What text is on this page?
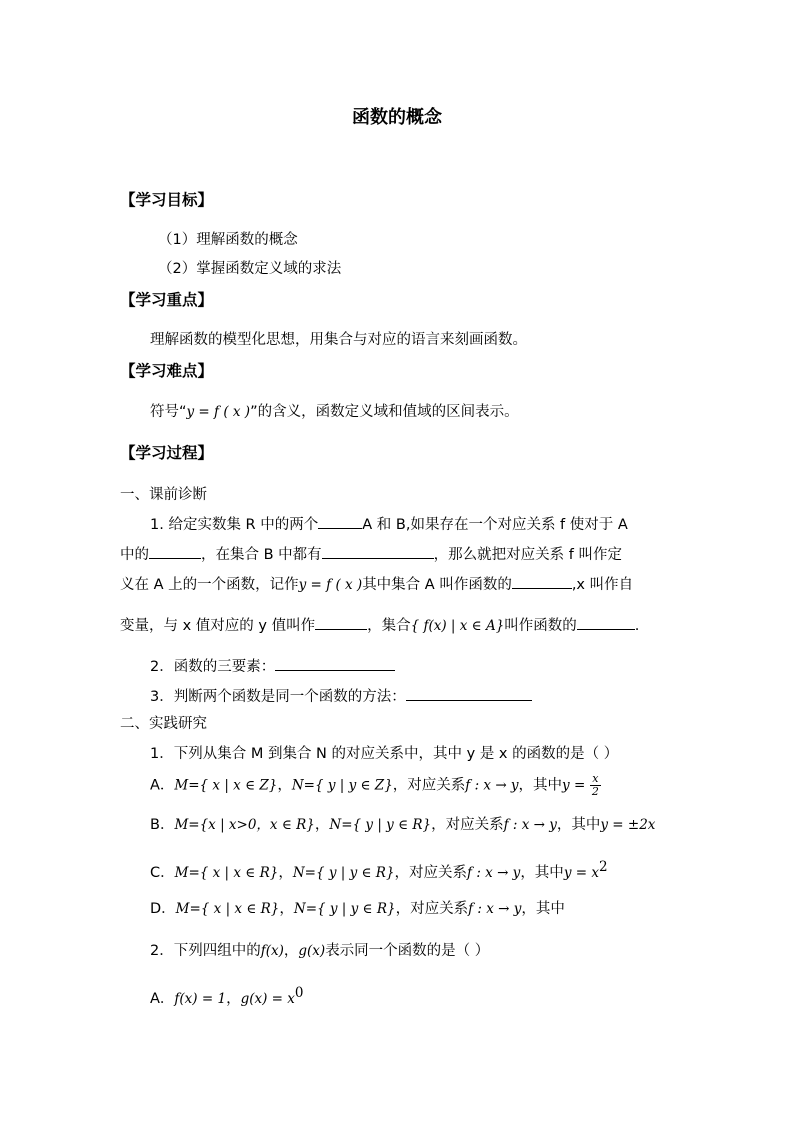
函数的概念
【学习目标】
（1）理解函数的概念
（2）掌握函数定义域的求法
【学习重点】
理解函数的模型化思想，用集合与对应的语言来刻画函数。
【学习难点】
符号“y = f ( x )”的含义，函数定义域和值域的区间表示。
【学习过程】
一、课前诊断
1. 给定实数集 R 中的两个	A 和 B,如果存在一个对应关系 f 使对于 A
中的	，在集合 B 中都有	，那么就把对应关系 f 叫作定
义在 A 上的一个函数，记作y = f ( x )其中集合 A 叫作函数的	,x 叫作自
变量，与 x 值对应的 y 值叫作	，集合{ f(x) | x ∈ A}叫作函数的	.
2．函数的三要素：
3．判断两个函数是同一个函数的方法：
二、实践研究
1．下列从集合 M 到集合 N 的对应关系中，其中 y 是 x 的函数的是（ ）
A．M={ x | x ∈ Z}，N={ y | y ∈ Z}，对应关系f : x → y，其中$y = \frac{x}{2}$
B．M={x | x>0，x ∈ R}，N={ y | y ∈ R}，对应关系f : x → y，其中y = ±2x
C．M={ x | x ∈ R}，N={ y | y ∈ R}，对应关系f : x → y，其中$y = x^2$
D．M={ x | x ∈ R}，N={ y | y ∈ R}，对应关系f : x → y，其中
2．下列四组中的f(x)，g(x)表示同一个函数的是（ ）
A．f(x) = 1，$g(x) = x^0$
